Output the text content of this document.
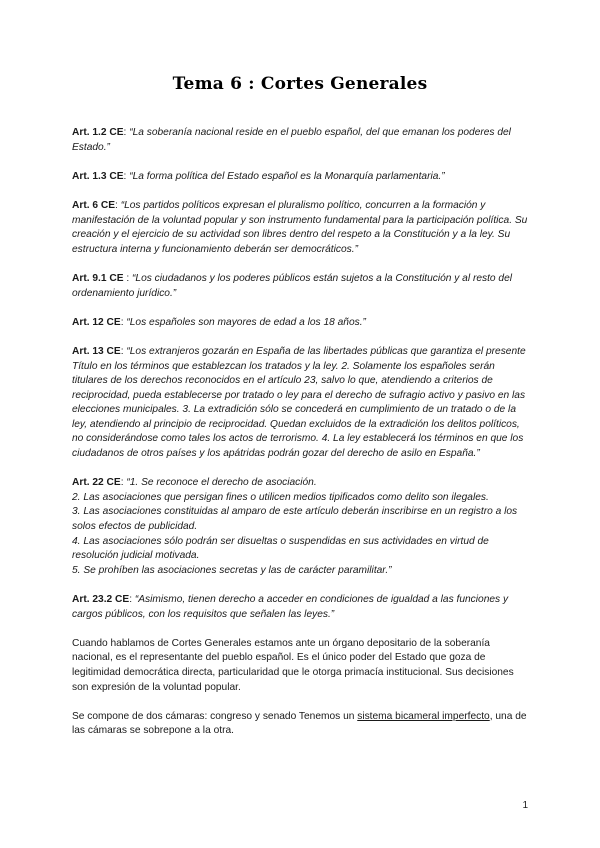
Tema 6 : Cortes Generales

Art. 1.2 CE: “La soberanía nacional reside en el pueblo español, del que emanan los poderes del Estado.”

Art. 1.3 CE: “La forma política del Estado español es la Monarquía parlamentaria.”

Art. 6 CE: “Los partidos políticos expresan el pluralismo político, concurren a la formación y manifestación de la voluntad popular y son instrumento fundamental para la participación política. Su creación y el ejercicio de su actividad son libres dentro del respeto a la Constitución y a la ley. Su estructura interna y funcionamiento deberán ser democráticos.”

Art. 9.1 CE : “Los ciudadanos y los poderes públicos están sujetos a la Constitución y al resto del ordenamiento jurídico.”

Art. 12 CE: “Los españoles son mayores de edad a los 18 años.”

Art. 13 CE: “Los extranjeros gozarán en España de las libertades públicas que garantiza el presente Título en los términos que establezcan los tratados y la ley. 2. Solamente los españoles serán titulares de los derechos reconocidos en el artículo 23, salvo lo que, atendiendo a criterios de reciprocidad, pueda establecerse por tratado o ley para el derecho de sufragio activo y pasivo en las elecciones municipales. 3. La extradición sólo se concederá en cumplimiento de un tratado o de la ley, atendiendo al principio de reciprocidad. Quedan excluidos de la extradición los delitos políticos, no considerándose como tales los actos de terrorismo. 4. La ley establecerá los términos en que los ciudadanos de otros países y los apátridas podrán gozar del derecho de asilo en España.”

Art. 22 CE: “1. Se reconoce el derecho de asociación.
2. Las asociaciones que persigan fines o utilicen medios tipificados como delito son ilegales.
3. Las asociaciones constituidas al amparo de este artículo deberán inscribirse en un registro a los solos efectos de publicidad.
4. Las asociaciones sólo podrán ser disueltas o suspendidas en sus actividades en virtud de resolución judicial motivada.
5. Se prohíben las asociaciones secretas y las de carácter paramilitar.”

Art. 23.2 CE: “Asimismo, tienen derecho a acceder en condiciones de igualdad a las funciones y cargos públicos, con los requisitos que señalen las leyes.”

Cuando hablamos de Cortes Generales estamos ante un órgano depositario de la soberanía nacional, es el representante del pueblo español. Es el único poder del Estado que goza de legitimidad democrática directa, particularidad que le otorga primacía institucional. Sus decisiones son expresión de la voluntad popular.

Se compone de dos cámaras: congreso y senado Tenemos un sistema bicameral imperfecto, una de las cámaras se sobrepone a la otra.

1
